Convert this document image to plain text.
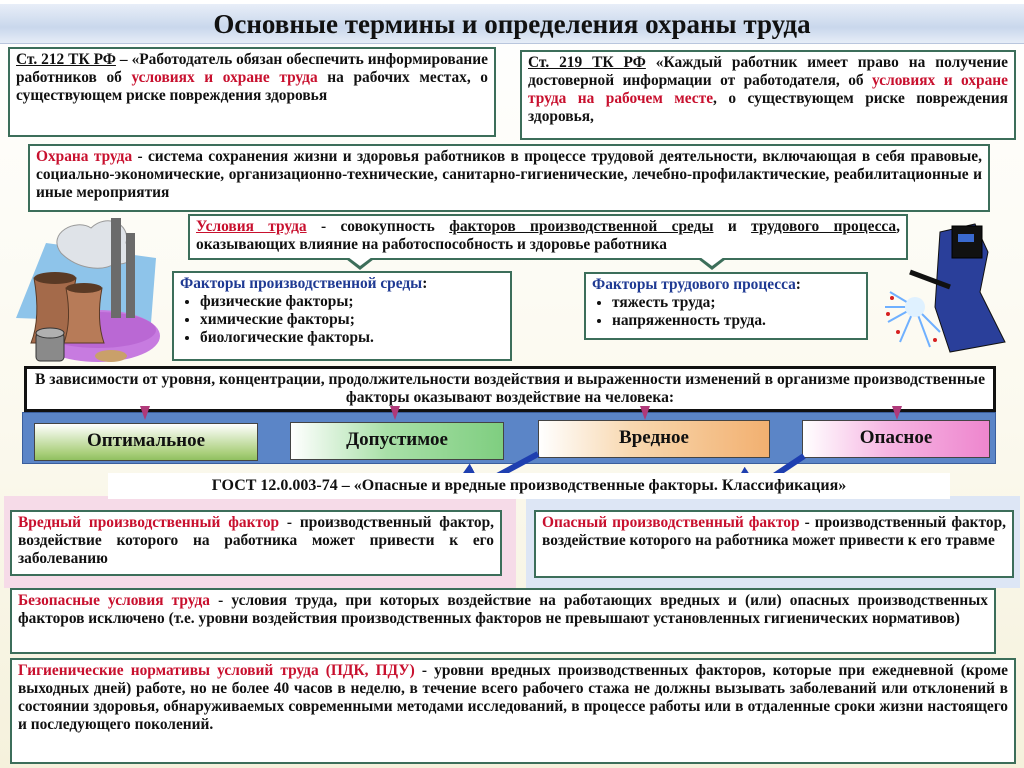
Основные термины и определения охраны труда
Ст. 212 ТК РФ – «Работодатель обязан обеспечить информирование работников об условиях и охране труда на рабочих местах, о существующем риске повреждения здоровья
Ст. 219 ТК РФ «Каждый работник имеет право на получение достоверной информации от работодателя, об условиях и охране труда на рабочем месте, о существующем риске повреждения здоровья,
Охрана труда - система сохранения жизни и здоровья работников в процессе трудовой деятельности, включающая в себя правовые, социально-экономические, организационно-технические, санитарно-гигиенические, лечебно-профилактические, реабилитационные и иные мероприятия
Условия труда - совокупность факторов производственной среды и трудового процесса, оказывающих влияние на работоспособность и здоровье работника
Факторы производственной среды:
• физические факторы;
• химические факторы;
• биологические факторы.
Факторы трудового процесса:
• тяжесть труда;
• напряженность труда.
В зависимости от уровня, концентрации, продолжительности воздействия и выраженности изменений в организме производственные факторы оказывают воздействие на человека:
Оптимальное	Допустимое	Вредное	Опасное
ГОСТ 12.0.003-74 – «Опасные и вредные производственные факторы. Классификация»
Вредный производственный фактор - производственный фактор, воздействие которого на работника может привести к его заболеванию
Опасный производственный фактор - производственный фактор, воздействие которого на работника может привести к его травме
Безопасные условия труда - условия труда, при которых воздействие на работающих вредных и (или) опасных производственных факторов исключено (т.е. уровни воздействия производственных факторов не превышают установленных гигиенических нормативов)
Гигиенические нормативы условий труда (ПДК, ПДУ) - уровни вредных производственных факторов, которые при ежедневной (кроме выходных дней) работе, но не более 40 часов в неделю, в течение всего рабочего стажа не должны вызывать заболеваний или отклонений в состоянии здоровья, обнаруживаемых современными методами исследований, в процессе работы или в отдаленные сроки жизни настоящего и последующего поколений.
